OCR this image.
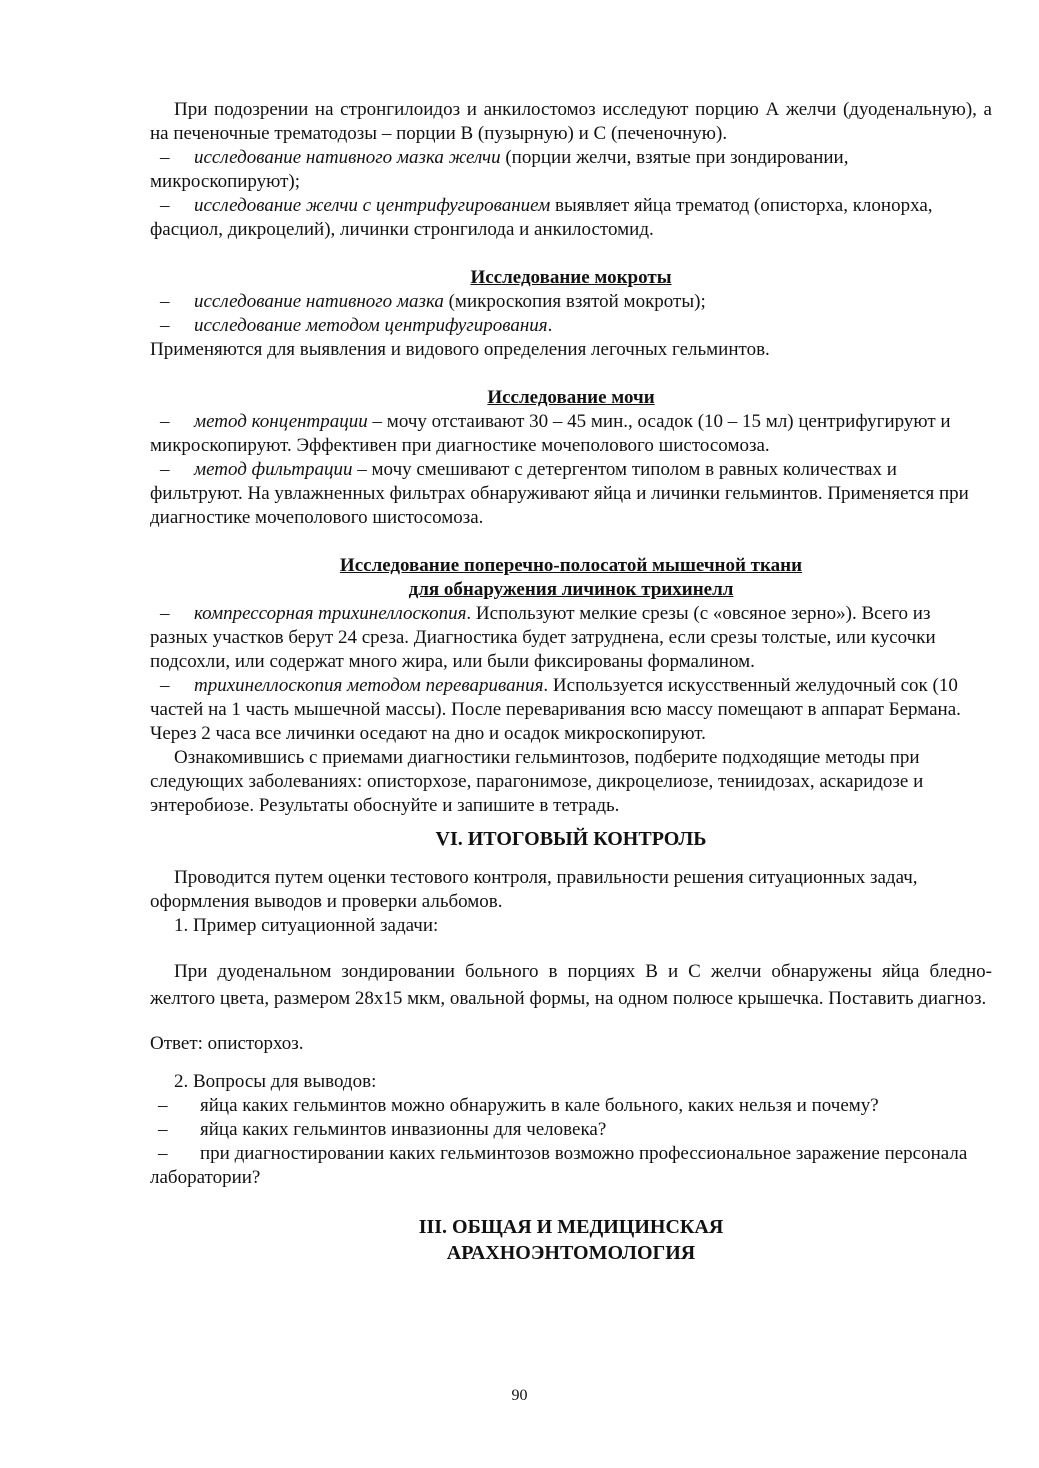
При подозрении на стронгилоидоз и анкилостомоз исследуют порцию А желчи (дуоденальную), а на печеночные трематодозы – порции В (пузырную) и С (печеночную).

– исследование нативного мазка желчи (порции желчи, взятые при зондировании, микроскопируют);

– исследование желчи с центрифугированием выявляет яйца трематод (описторха, клонорха, фасциол, дикроцелий), личинки стронгилода и анкилостомид.

Исследование мокроты

– исследование нативного мазка (микроскопия взятой мокроты);

– исследование методом центрифугирования.

Применяются для выявления и видового определения легочных гельминтов.

Исследование мочи

– метод концентрации – мочу отстаивают 30 – 45 мин., осадок (10 – 15 мл) центрифугируют и микроскопируют. Эффективен при диагностике мочеполового шистосомоза.

– метод фильтрации – мочу смешивают с детергентом типолом в равных количествах и фильтруют. На увлажненных фильтрах обнаруживают яйца и личинки гельминтов. Применяется при диагностике мочеполового шистосомоза.

Исследование поперечно-полосатой мышечной ткани

для обнаружения личинок трихинелл

– компрессорная трихинеллоскопия. Используют мелкие срезы (с «овсяное зерно»). Всего из разных участков берут 24 среза. Диагностика будет затруднена, если срезы толстые, или кусочки подсохли, или содержат много жира, или были фиксированы формалином.

– трихинеллоскопия методом переваривания. Используется искусственный желудочный сок (10 частей на 1 часть мышечной массы). После переваривания всю массу помещают в аппарат Бермана. Через 2 часа все личинки оседают на дно и осадок микроскопируют.

Ознакомившись с приемами диагностики гельминтозов, подберите подходящие методы при следующих заболеваниях: описторхозе, парагонимозе, дикроцелиозе, тениидозах, аскаридозе и энтеробиозе. Результаты обоснуйте и запишите в тетрадь.

VI. ИТОГОВЫЙ КОНТРОЛЬ

Проводится путем оценки тестового контроля, правильности решения ситуационных задач, оформления выводов и проверки альбомов.

1. Пример ситуационной задачи:

При дуоденальном зондировании больного в порциях В и С желчи обнаружены яйца бледно-желтого цвета, размером 28х15 мкм, овальной формы, на одном полюсе крышечка. Поставить диагноз.

Ответ: описторхоз.

2. Вопросы для выводов:

– яйца каких гельминтов можно обнаружить в кале больного, каких нельзя и почему?

– яйца каких гельминтов инвазионны для человека?

– при диагностировании каких гельминтозов возможно профессиональное заражение персонала лаборатории?

III. ОБЩАЯ И МЕДИЦИНСКАЯ

АРАХНОЭНТОМОЛОГИЯ

90
